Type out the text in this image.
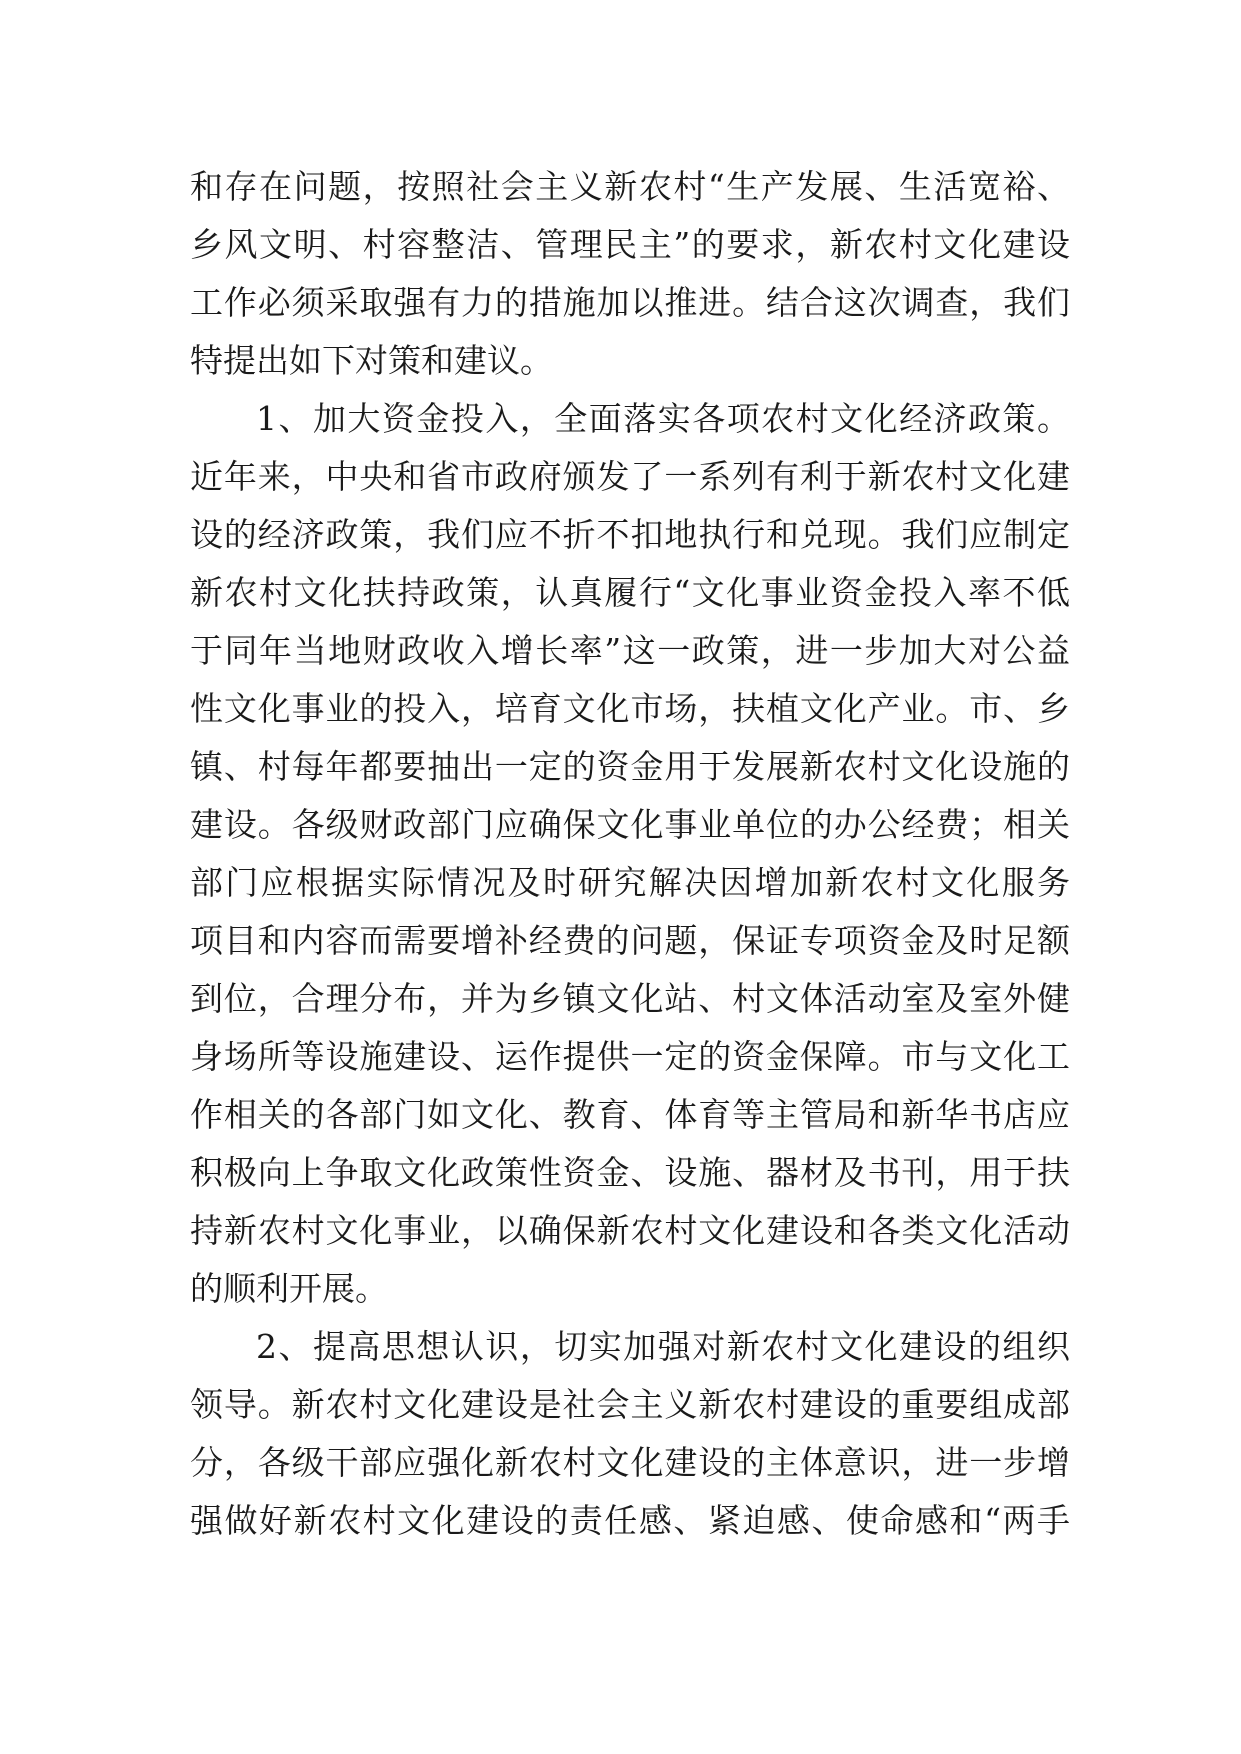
和存在问题，按照社会主义新农村“生产发展、生活宽裕、
乡风文明、村容整洁、管理民主”的要求，新农村文化建设
工作必须采取强有力的措施加以推进。结合这次调查，我们
特提出如下对策和建议。
1、加大资金投入，全面落实各项农村文化经济政策。
近年来，中央和省市政府颁发了一系列有利于新农村文化建
设的经济政策，我们应不折不扣地执行和兑现。我们应制定
新农村文化扶持政策，认真履行“文化事业资金投入率不低
于同年当地财政收入增长率”这一政策，进一步加大对公益
性文化事业的投入，培育文化市场，扶植文化产业。市、乡
镇、村每年都要抽出一定的资金用于发展新农村文化设施的
建设。各级财政部门应确保文化事业单位的办公经费；相关
部门应根据实际情况及时研究解决因增加新农村文化服务
项目和内容而需要增补经费的问题，保证专项资金及时足额
到位，合理分布，并为乡镇文化站、村文体活动室及室外健
身场所等设施建设、运作提供一定的资金保障。市与文化工
作相关的各部门如文化、教育、体育等主管局和新华书店应
积极向上争取文化政策性资金、设施、器材及书刊，用于扶
持新农村文化事业，以确保新农村文化建设和各类文化活动
的顺利开展。
2、提高思想认识，切实加强对新农村文化建设的组织
领导。新农村文化建设是社会主义新农村建设的重要组成部
分，各级干部应强化新农村文化建设的主体意识，进一步增
强做好新农村文化建设的责任感、紧迫感、使命感和“两手
